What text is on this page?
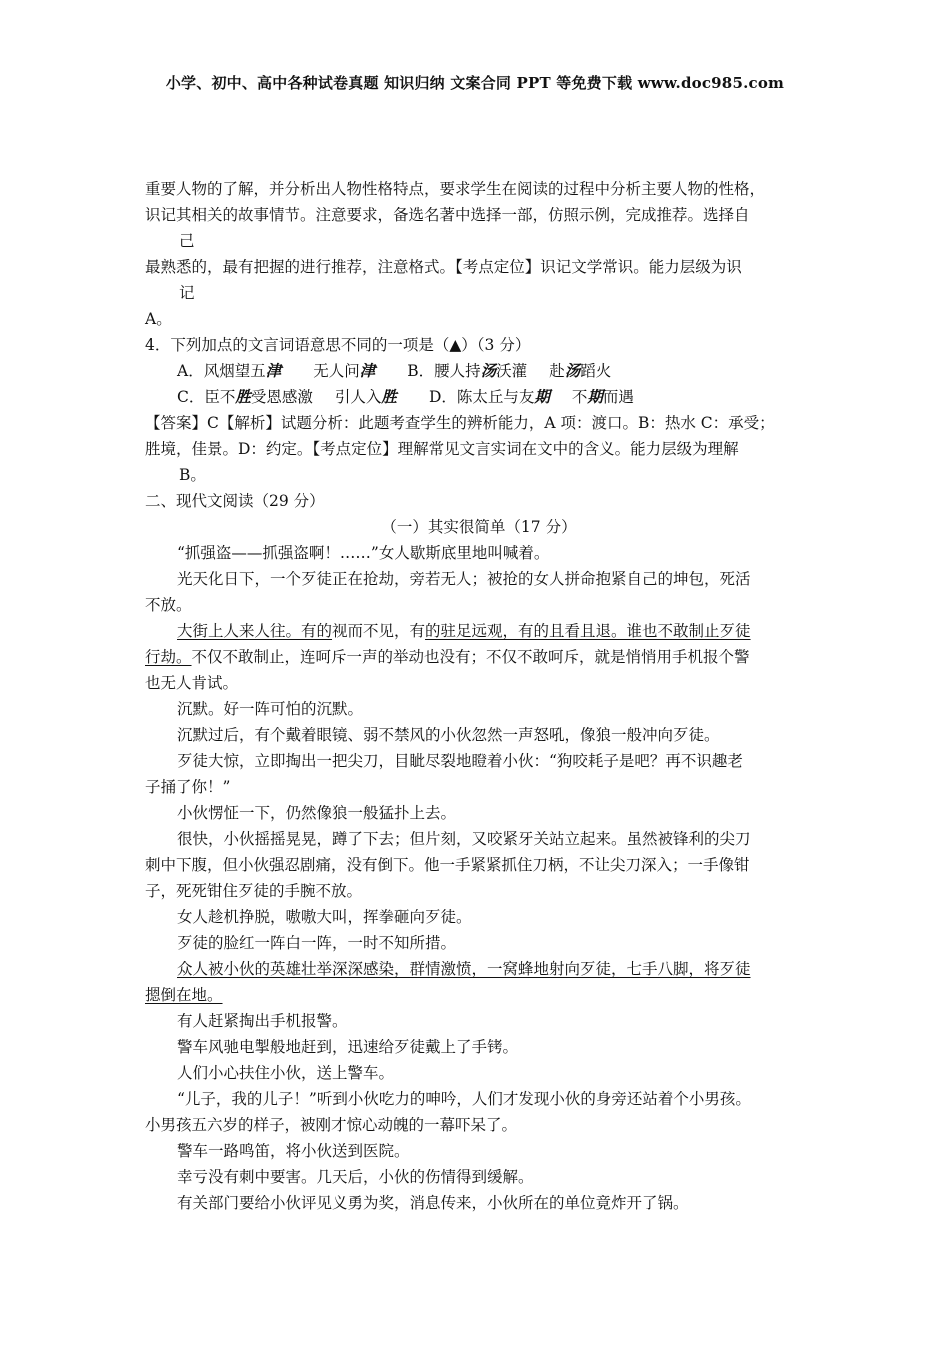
小学、初中、高中各种试卷真题 知识归纳 文案合同 PPT 等免费下载 www.doc985.com
重要人物的了解，并分析出人物性格特点，要求学生在阅读的过程中分析主要人物的性格，
识记其相关的故事情节。注意要求，备选名著中选择一部，仿照示例，完成推荐。选择自
己
最熟悉的，最有把握的进行推荐，注意格式。【考点定位】识记文学常识。能力层级为识
记
A。
4．下列加点的文言词语意思不同的一项是（▲）（3 分）
A．风烟望五津 无人问津 B．腰人持汤沃灌 赴汤蹈火
C．臣不胜受恩感激 引人入胜 D．陈太丘与友期 不期而遇
【答案】C【解析】试题分析：此题考查学生的辨析能力，A 项：渡口。B：热水 C：承受；
胜境，佳景。D：约定。【考点定位】理解常见文言实词在文中的含义。能力层级为理解
B。
二、现代文阅读（29 分）
（一）其实很简单（17 分）
“抓强盗——抓强盗啊！……”女人歇斯底里地叫喊着。
光天化日下，一个歹徒正在抢劫，旁若无人；被抢的女人拼命抱紧自己的坤包，死活
不放。
大街上人来人往。有的视而不见，有的驻足远观，有的且看且退。谁也不敢制止歹徒
行劫。不仅不敢制止，连呵斥一声的举动也没有；不仅不敢呵斥，就是悄悄用手机报个警
也无人肯试。
沉默。好一阵可怕的沉默。
沉默过后，有个戴着眼镜、弱不禁风的小伙忽然一声怒吼，像狼一般冲向歹徒。
歹徒大惊，立即掏出一把尖刀，目眦尽裂地瞪着小伙：“狗咬耗子是吧？再不识趣老
子捅了你！”
小伙愣怔一下，仍然像狼一般猛扑上去。
很快，小伙摇摇晃晃，蹲了下去；但片刻，又咬紧牙关站立起来。虽然被锋利的尖刀
刺中下腹，但小伙强忍剧痛，没有倒下。他一手紧紧抓住刀柄，不让尖刀深入；一手像钳
子，死死钳住歹徒的手腕不放。
女人趁机挣脱，嗷嗷大叫，挥拳砸向歹徒。
歹徒的脸红一阵白一阵，一时不知所措。
众人被小伙的英雄壮举深深感染，群情激愤，一窝蜂地射向歹徒，七手八脚，将歹徒
摁倒在地。
有人赶紧掏出手机报警。
警车风驰电掣般地赶到，迅速给歹徒戴上了手铐。
人们小心扶住小伙，送上警车。
“儿子，我的儿子！”听到小伙吃力的呻吟，人们才发现小伙的身旁还站着个小男孩。
小男孩五六岁的样子，被刚才惊心动魄的一幕吓呆了。
警车一路鸣笛，将小伙送到医院。
幸亏没有刺中要害。几天后，小伙的伤情得到缓解。
有关部门要给小伙评见义勇为奖，消息传来，小伙所在的单位竟炸开了锅。
